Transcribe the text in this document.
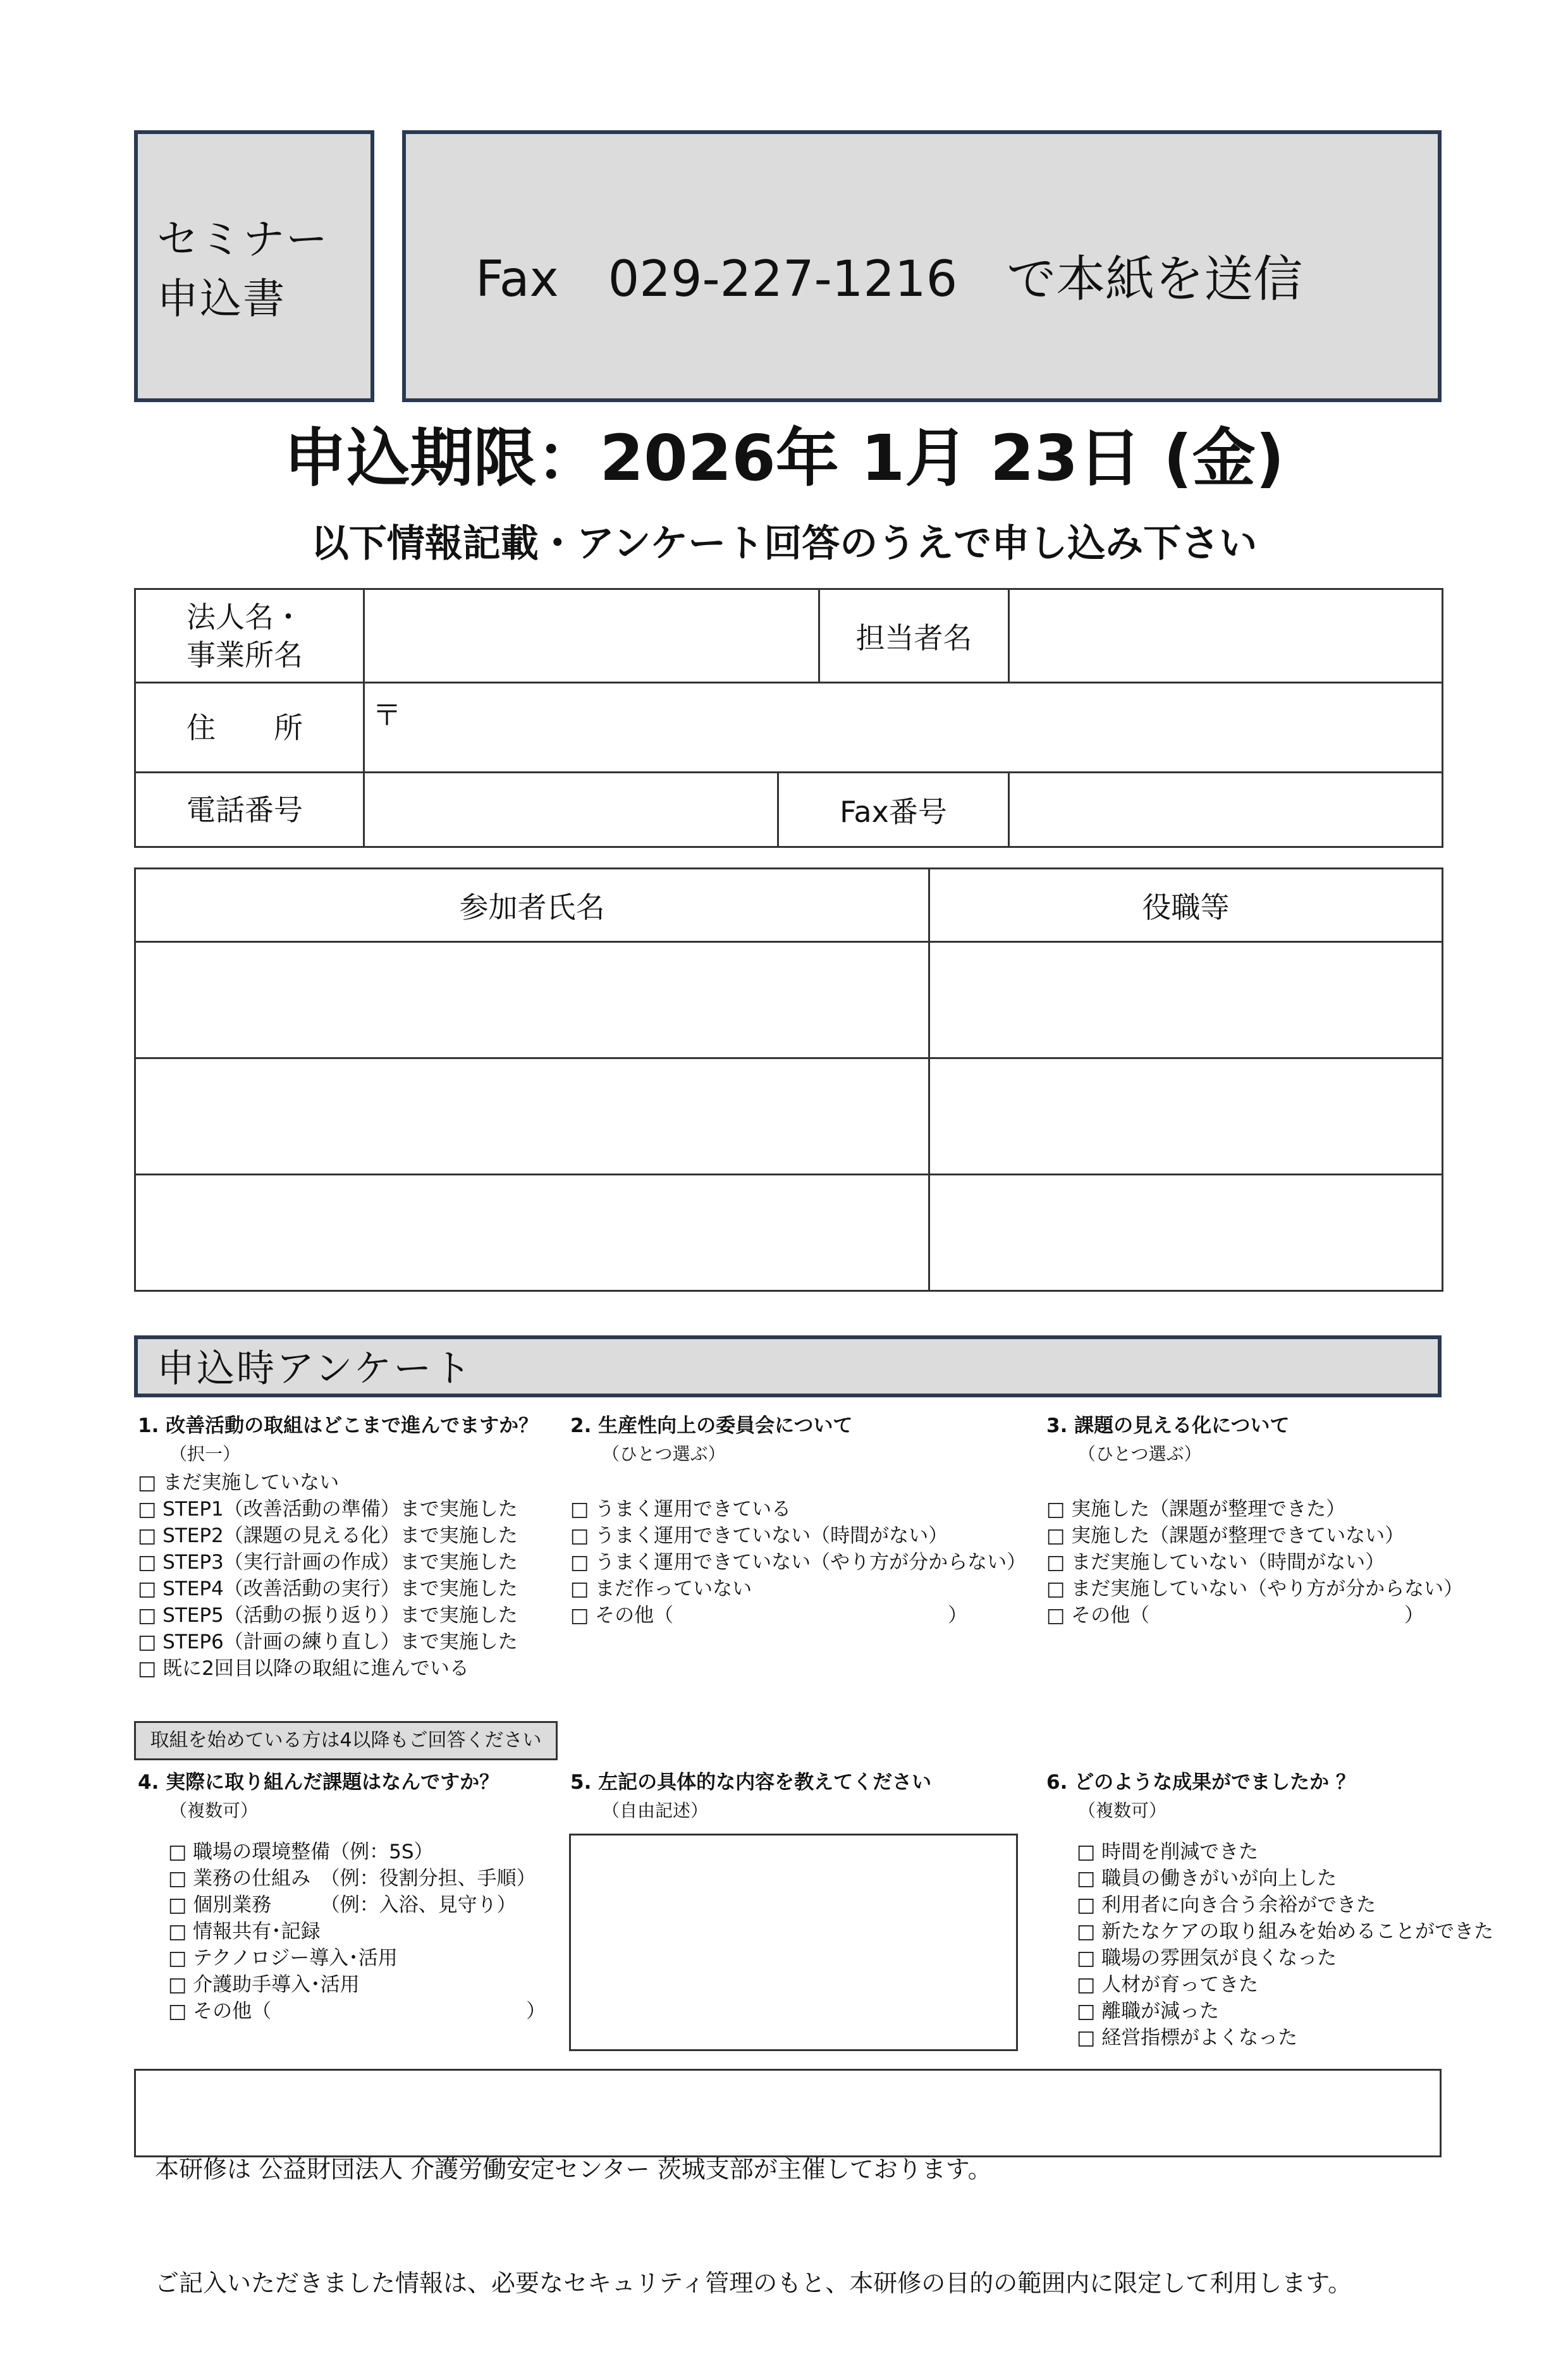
セミナー
申込書	Fax　029-227-1216　で本紙を送信
申込期限：2026年 1月 23日 (金)
以下情報記載・アンケート回答のうえで申し込み下さい
法人名・
事業所名			担当者名	
住　　所	〒			
電話番号		Fax番号		
参加者氏名	役職等

申込時アンケート
1. 改善活動の取組はどこまで進んでますか？
（択一）
□ まだ実施していない
□ STEP1（改善活動の準備）まで実施した
□ STEP2（課題の見える化）まで実施した
□ STEP3（実行計画の作成）まで実施した
□ STEP4（改善活動の実行）まで実施した
□ STEP5（活動の振り返り）まで実施した
□ STEP6（計画の練り直し）まで実施した
□ 既に2回目以降の取組に進んでいる
2. 生産性向上の委員会について
（ひとつ選ぶ）
□ うまく運用できている
□ うまく運用できていない（時間がない）
□ うまく運用できていない（やり方が分からない）
□ まだ作っていない
□ その他（　　　　　　　　　　　　　　）
3. 課題の見える化について
（ひとつ選ぶ）
□ 実施した（課題が整理できた）
□ 実施した（課題が整理できていない）
□ まだ実施していない（時間がない）
□ まだ実施していない（やり方が分からない）
□ その他（　　　　　　　　　　　　　）
取組を始めている方は4以降もご回答ください
4. 実際に取り組んだ課題はなんですか？
（複数可）
□ 職場の環境整備（例：5S）
□ 業務の仕組み　（例：役割分担、手順）
□ 個別業務　　　（例：入浴、見守り）
□ 情報共有･記録
□ テクノロジー導入･活用
□ 介護助手導入･活用
□ その他（　　　　　　　　　　　　　）
5. 左記の具体的な内容を教えてください
（自由記述）
6. どのような成果がでましたか ？
（複数可）
□ 時間を削減できた
□ 職員の働きがいが向上した
□ 利用者に向き合う余裕ができた
□ 新たなケアの取り組みを始めることができた
□ 職場の雰囲気が良くなった
□ 人材が育ってきた
□ 離職が減った
□ 経営指標がよくなった

本研修は 公益財団法人 介護労働安定センター 茨城支部が主催しております。

ご記入いただきました情報は、必要なセキュリティ管理のもと、本研修の目的の範囲内に限定して利用します。
